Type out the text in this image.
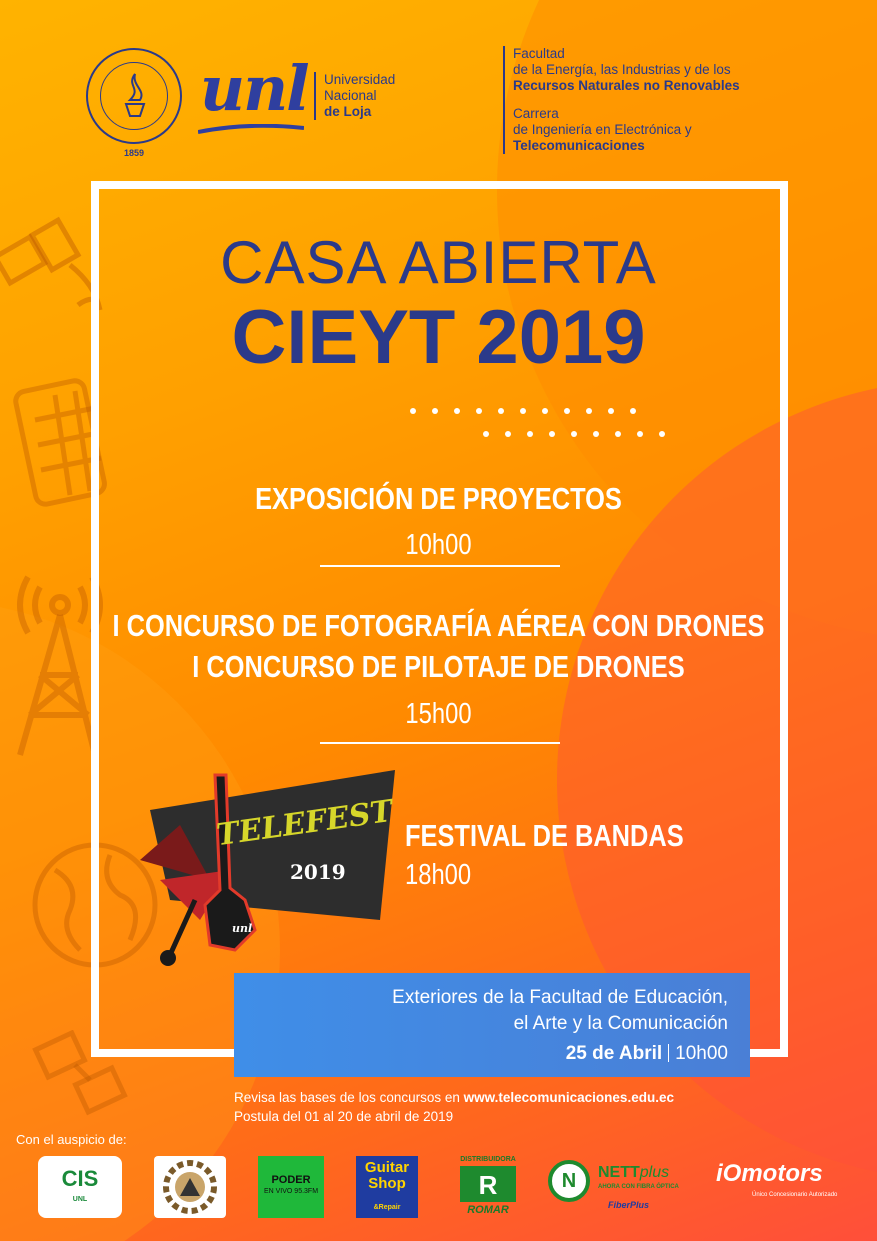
1859
unl Universidad
Nacional
de Loja
Facultad
de la Energía, las Industrias y de los
Recursos Naturales no Renovables
Carrera
de Ingeniería en Electrónica y
Telecomunicaciones
CASA ABIERTA
CIEYT 2019
EXPOSICIÓN DE PROYECTOS
10h00
I CONCURSO DE FOTOGRAFÍA AÉREA CON DRONES
I CONCURSO DE PILOTAJE DE DRONES
15h00
TELEFEST
2019
unl
FESTIVAL DE BANDAS
18h00
Exteriores de la Facultad de Educación,
el Arte y la Comunicación
25 de Abril 10h00
Revisa las bases de los concursos en www.telecomunicaciones.edu.ec
Postula del 01 al 20 de abril de 2019
Con el auspicio de:
CIS
UNL
PODER
EN VIVO 95.3FM
Guitar
Shop
&Repair
DISTRIBUIDORA
R
ROMAR
N	NETTplus
AHORA CON FIBRA ÓPTICA
FiberPlus
iOmotors
Único Concesionario Autorizado
